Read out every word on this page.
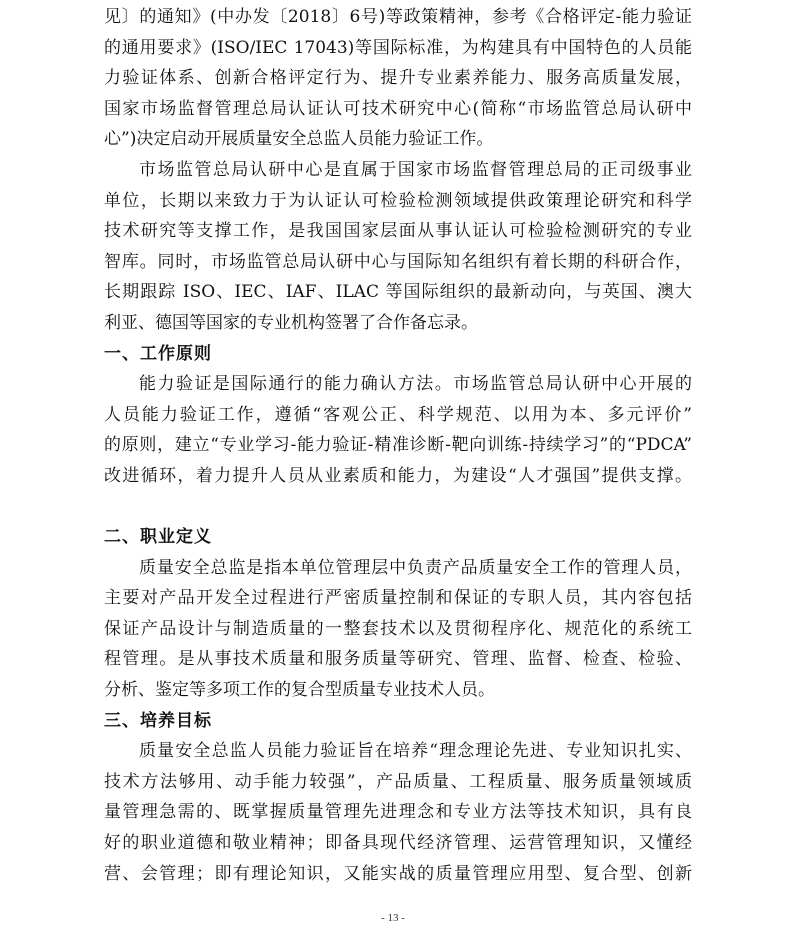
见〕的通知》(中办发〔2018〕6号)等政策精神，参考《合格评定-能力验证
的通用要求》(ISO/IEC 17043)等国际标准，为构建具有中国特色的人员能
力验证体系、创新合格评定行为、提升专业素养能力、服务高质量发展，
国家市场监督管理总局认证认可技术研究中心(简称“市场监管总局认研中
心”)决定启动开展质量安全总监人员能力验证工作。
市场监管总局认研中心是直属于国家市场监督管理总局的正司级事业
单位，长期以来致力于为认证认可检验检测领域提供政策理论研究和科学
技术研究等支撑工作，是我国国家层面从事认证认可检验检测研究的专业
智库。同时，市场监管总局认研中心与国际知名组织有着长期的科研合作，
长期跟踪 ISO、IEC、IAF、ILAC 等国际组织的最新动向，与英国、澳大
利亚、德国等国家的专业机构签署了合作备忘录。
一、工作原则
能力验证是国际通行的能力确认方法。市场监管总局认研中心开展的
人员能力验证工作，遵循“客观公正、科学规范、以用为本、多元评价”
的原则，建立“专业学习-能力验证-精准诊断-靶向训练-持续学习”的“PDCA”
改进循环，着力提升人员从业素质和能力，为建设“人才强国”提供支撑。
二、职业定义
质量安全总监是指本单位管理层中负责产品质量安全工作的管理人员，
主要对产品开发全过程进行严密质量控制和保证的专职人员，其内容包括
保证产品设计与制造质量的一整套技术以及贯彻程序化、规范化的系统工
程管理。是从事技术质量和服务质量等研究、管理、监督、检查、检验、
分析、鉴定等多项工作的复合型质量专业技术人员。
三、培养目标
质量安全总监人员能力验证旨在培养“理念理论先进、专业知识扎实、
技术方法够用、动手能力较强”，产品质量、工程质量、服务质量领域质
量管理急需的、既掌握质量管理先进理念和专业方法等技术知识，具有良
好的职业道德和敬业精神；即备具现代经济管理、运营管理知识，又懂经
营、会管理；即有理论知识，又能实战的质量管理应用型、复合型、创新
- 13 -
